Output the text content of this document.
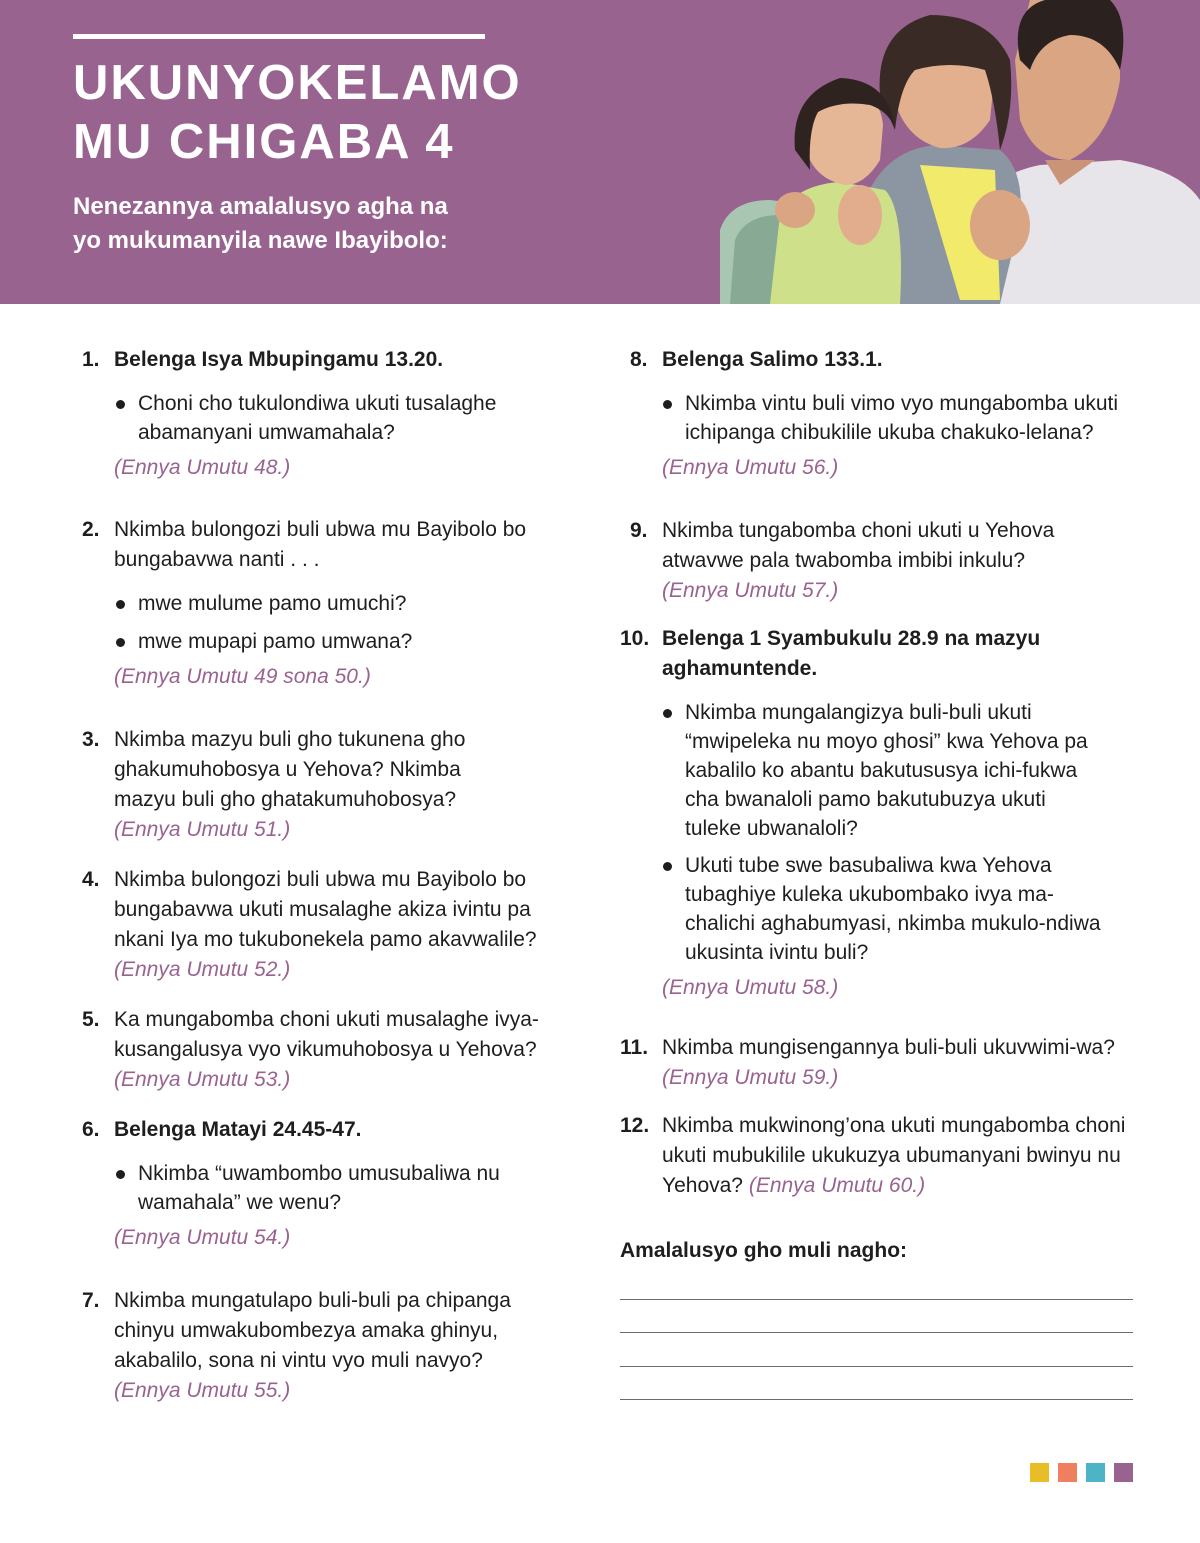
UKUNYOKELAMO
MU CHIGABA 4

Nenezannya amalalusyo agha na
yo mukumanyila nawe Ibayibolo:

1. Belenga Isya Mbupingamu 13.20.

Choni cho tukulondiwa ukuti tusalaghe abamanyani umwamahala?

(Ennya Umutu 48.)

2. Nkimba bulongozi buli ubwa mu Bayibolo bo bungabavwa nanti . . .

mwe mulume pamo umuchi?

mwe mupapi pamo umwana?

(Ennya Umutu 49 sona 50.)

3. Nkimba mazyu buli gho tukunena gho ghakumuhobosya u Yehova? Nkimba mazyu buli gho ghatakumuhobosya?

(Ennya Umutu 51.)

4. Nkimba bulongozi buli ubwa mu Bayibolo bo bungabavwa ukuti musalaghe akiza ivintu pa nkani Iya mo tukubonekela pamo akavwalile?

(Ennya Umutu 52.)

5. Ka mungabomba choni ukuti musalaghe ivya-kusangalusya vyo vikumuhobosya u Yehova?

(Ennya Umutu 53.)

6. Belenga Matayi 24.45-47.

Nkimba “uwambombo umusubaliwa nu wamahala” we wenu?

(Ennya Umutu 54.)

7. Nkimba mungatulapo buli-buli pa chipanga chinyu umwakubombezya amaka ghinyu, akabalilo, sona ni vintu vyo muli navyo?

(Ennya Umutu 55.)

8. Belenga Salimo 133.1.

Nkimba vintu buli vimo vyo mungabomba ukuti ichipanga chibukilile ukuba chakuko-lelana?

(Ennya Umutu 56.)

9. Nkimba tungabomba choni ukuti u Yehova atwavwe pala twabomba imbibi inkulu?

(Ennya Umutu 57.)

10. Belenga 1 Syambukulu 28.9 na mazyu aghamuntende.

Nkimba mungalangizya buli-buli ukuti “mwipeleka nu moyo ghosi” kwa Yehova pa kabalilo ko abantu bakutususya ichi-fukwa cha bwanaloli pamo bakutubuzya ukuti tuleke ubwanaloli?

Ukuti tube swe basubaliwa kwa Yehova tubaghiye kuleka ukubombako ivya ma-chalichi aghabumyasi, nkimba mukulo-ndiwa ukusinta ivintu buli?

(Ennya Umutu 58.)

11. Nkimba mungisengannya buli-buli ukuvwimi-wa? (Ennya Umutu 59.)

12. Nkimba mukwinong’ona ukuti mungabomba choni ukuti mubukilile ukukuzya ubumanyani bwinyu nu Yehova? (Ennya Umutu 60.)

Amalalusyo gho muli nagho:
